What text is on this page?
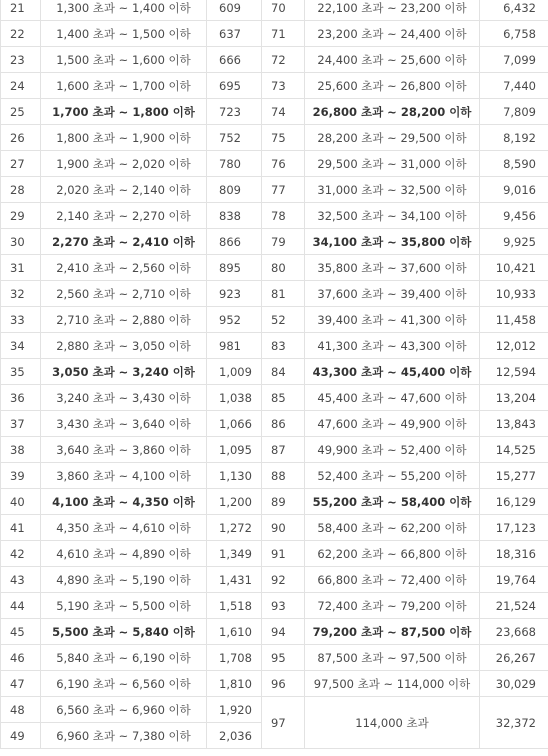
21	1,300 초과 ~ 1,400 이하	609	70	22,100 초과 ~ 23,200 이하	6,432
22	1,400 초과 ~ 1,500 이하	637	71	23,200 초과 ~ 24,400 이하	6,758
23	1,500 초과 ~ 1,600 이하	666	72	24,400 초과 ~ 25,600 이하	7,099
24	1,600 초과 ~ 1,700 이하	695	73	25,600 초과 ~ 26,800 이하	7,440
25	1,700 초과 ~ 1,800 이하	723	74	26,800 초과 ~ 28,200 이하	7,809
26	1,800 초과 ~ 1,900 이하	752	75	28,200 초과 ~ 29,500 이하	8,192
27	1,900 초과 ~ 2,020 이하	780	76	29,500 초과 ~ 31,000 이하	8,590
28	2,020 초과 ~ 2,140 이하	809	77	31,000 초과 ~ 32,500 이하	9,016
29	2,140 초과 ~ 2,270 이하	838	78	32,500 초과 ~ 34,100 이하	9,456
30	2,270 초과 ~ 2,410 이하	866	79	34,100 초과 ~ 35,800 이하	9,925
31	2,410 초과 ~ 2,560 이하	895	80	35,800 초과 ~ 37,600 이하	10,421
32	2,560 초과 ~ 2,710 이하	923	81	37,600 초과 ~ 39,400 이하	10,933
33	2,710 초과 ~ 2,880 이하	952	52	39,400 초과 ~ 41,300 이하	11,458
34	2,880 초과 ~ 3,050 이하	981	83	41,300 초과 ~ 43,300 이하	12,012
35	3,050 초과 ~ 3,240 이하	1,009	84	43,300 초과 ~ 45,400 이하	12,594
36	3,240 초과 ~ 3,430 이하	1,038	85	45,400 초과 ~ 47,600 이하	13,204
37	3,430 초과 ~ 3,640 이하	1,066	86	47,600 초과 ~ 49,900 이하	13,843
38	3,640 초과 ~ 3,860 이하	1,095	87	49,900 초과 ~ 52,400 이하	14,525
39	3,860 초과 ~ 4,100 이하	1,130	88	52,400 초과 ~ 55,200 이하	15,277
40	4,100 초과 ~ 4,350 이하	1,200	89	55,200 초과 ~ 58,400 이하	16,129
41	4,350 초과 ~ 4,610 이하	1,272	90	58,400 초과 ~ 62,200 이하	17,123
42	4,610 초과 ~ 4,890 이하	1,349	91	62,200 초과 ~ 66,800 이하	18,316
43	4,890 초과 ~ 5,190 이하	1,431	92	66,800 초과 ~ 72,400 이하	19,764
44	5,190 초과 ~ 5,500 이하	1,518	93	72,400 초과 ~ 79,200 이하	21,524
45	5,500 초과 ~ 5,840 이하	1,610	94	79,200 초과 ~ 87,500 이하	23,668
46	5,840 초과 ~ 6,190 이하	1,708	95	87,500 초과 ~ 97,500 이하	26,267
47	6,190 초과 ~ 6,560 이하	1,810	96	97,500 초과 ~ 114,000 이하	30,029
48	6,560 초과 ~ 6,960 이하	1,920	97	114,000 초과	32,372
49	6,960 초과 ~ 7,380 이하	2,036			
